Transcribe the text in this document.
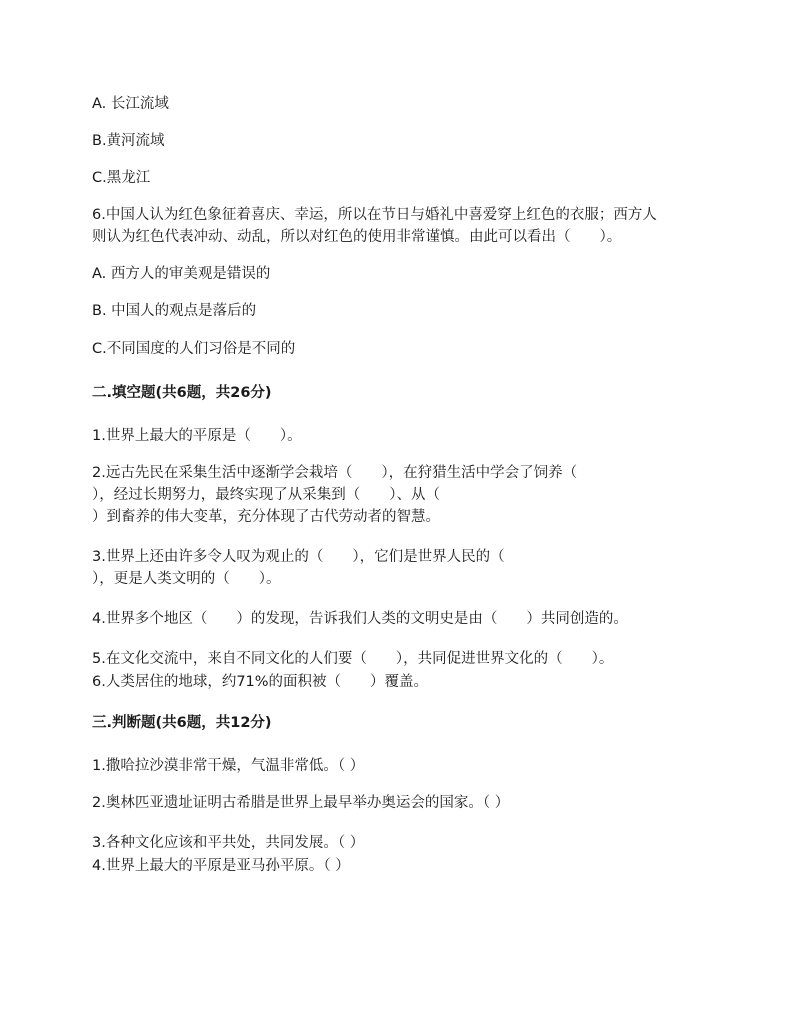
A. 长江流域
B.黄河流域
C.黑龙江
6.中国人认为红色象征着喜庆、幸运，所以在节日与婚礼中喜爱穿上红色的衣服；西方人
则认为红色代表冲动、动乱，所以对红色的使用非常谨慎。由此可以看出（　　）。
A. 西方人的审美观是错误的
B. 中国人的观点是落后的
C.不同国度的人们习俗是不同的
二.填空题(共6题，共26分)
1.世界上最大的平原是（　　）。
2.远古先民在采集生活中逐渐学会栽培（　　），在狩猎生活中学会了饲养（
），经过长期努力，最终实现了从采集到（　　）、从（
）到畜养的伟大变革，充分体现了古代劳动者的智慧。
3.世界上还由许多令人叹为观止的（　　），它们是世界人民的（
），更是人类文明的（　　）。
4.世界多个地区（　　）的发现，告诉我们人类的文明史是由（　　）共同创造的。
5.在文化交流中，来自不同文化的人们要（　　），共同促进世界文化的（　　）。
6.人类居住的地球，约71%的面积被（　　）覆盖。
三.判断题(共6题，共12分)
1.撒哈拉沙漠非常干燥，气温非常低。（ ）
2.奥林匹亚遗址证明古希腊是世界上最早举办奥运会的国家。（ ）
3.各种文化应该和平共处，共同发展。（ ）
4.世界上最大的平原是亚马孙平原。（ ）
